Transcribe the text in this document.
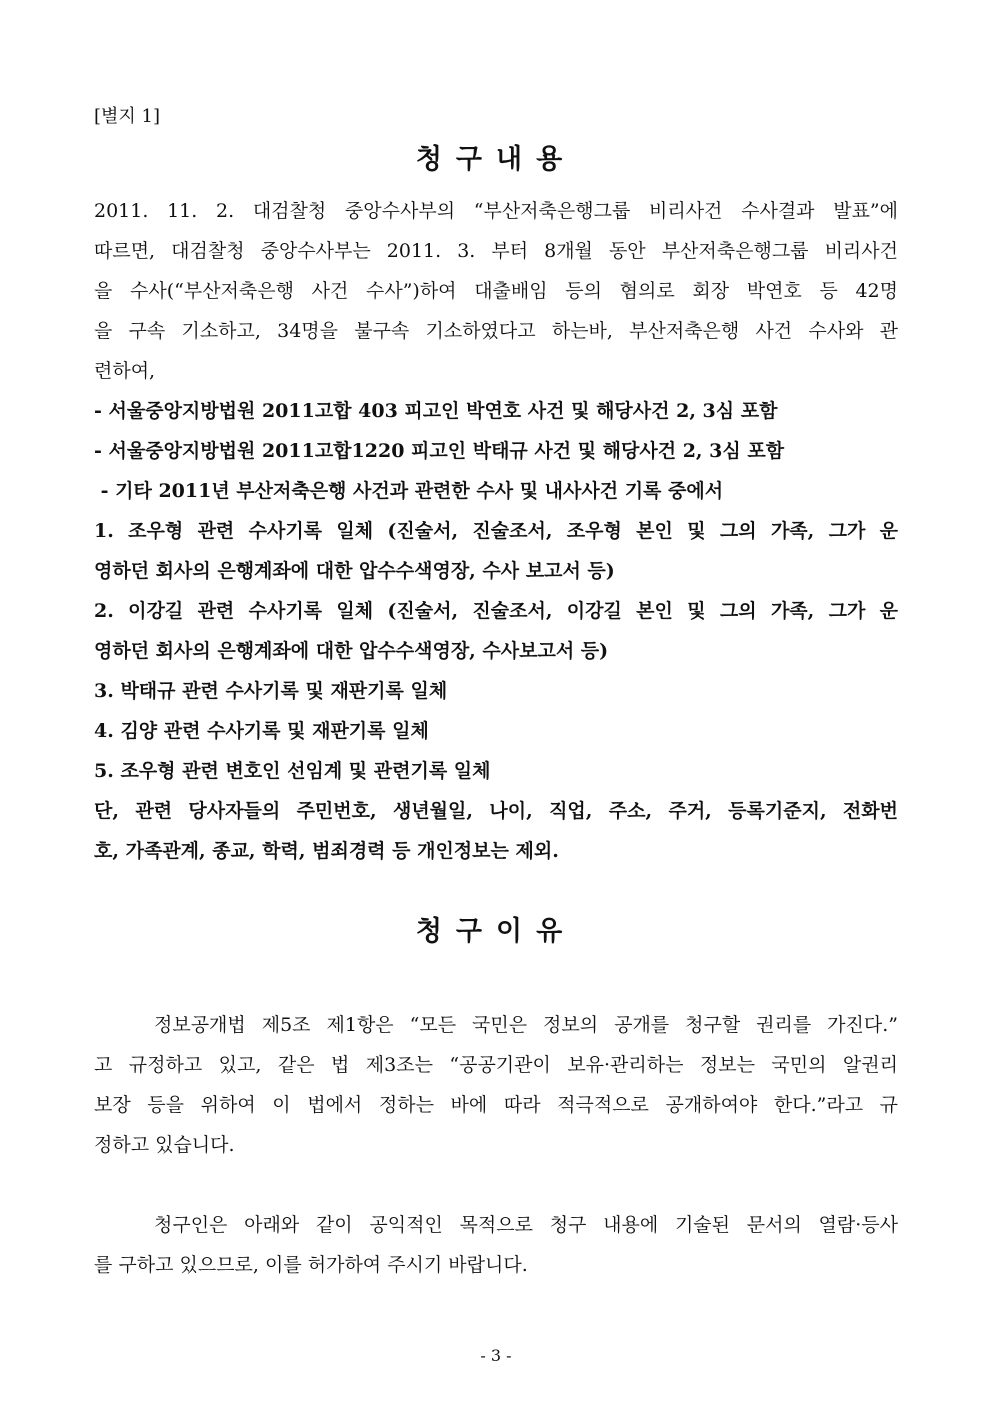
[별지 1]
청구내용
2011. 11. 2. 대검찰청 중앙수사부의 “부산저축은행그룹 비리사건 수사결과 발표”에
따르면, 대검찰청 중앙수사부는 2011. 3. 부터 8개월 동안 부산저축은행그룹 비리사건
을 수사(“부산저축은행 사건 수사”)하여 대출배임 등의 혐의로 회장 박연호 등 42명
을 구속 기소하고, 34명을 불구속 기소하였다고 하는바, 부산저축은행 사건 수사와 관
련하여,
- 서울중앙지방법원 2011고합 403 피고인 박연호 사건 및 해당사건 2, 3심 포함
- 서울중앙지방법원 2011고합1220 피고인 박태규 사건 및 해당사건 2, 3심 포함
- 기타 2011년 부산저축은행 사건과 관련한 수사 및 내사사건 기록 중에서
1. 조우형 관련 수사기록 일체 (진술서, 진술조서, 조우형 본인 및 그의 가족, 그가 운
영하던 회사의 은행계좌에 대한 압수수색영장, 수사 보고서 등)
2. 이강길 관련 수사기록 일체 (진술서, 진술조서, 이강길 본인 및 그의 가족, 그가 운
영하던 회사의 은행계좌에 대한 압수수색영장, 수사보고서 등)
3. 박태규 관련 수사기록 및 재판기록 일체
4. 김양 관련 수사기록 및 재판기록 일체
5. 조우형 관련 변호인 선임계 및 관련기록 일체
단, 관련 당사자들의 주민번호, 생년월일, 나이, 직업, 주소, 주거, 등록기준지, 전화번
호, 가족관계, 종교, 학력, 범죄경력 등 개인정보는 제외.
청구이유
정보공개법 제5조 제1항은 “모든 국민은 정보의 공개를 청구할 권리를 가진다.”
고 규정하고 있고, 같은 법 제3조는 “공공기관이 보유·관리하는 정보는 국민의 알권리
보장 등을 위하여 이 법에서 정하는 바에 따라 적극적으로 공개하여야 한다.”라고 규
정하고 있습니다.
청구인은 아래와 같이 공익적인 목적으로 청구 내용에 기술된 문서의 열람·등사
를 구하고 있으므로, 이를 허가하여 주시기 바랍니다.
- 3 -
